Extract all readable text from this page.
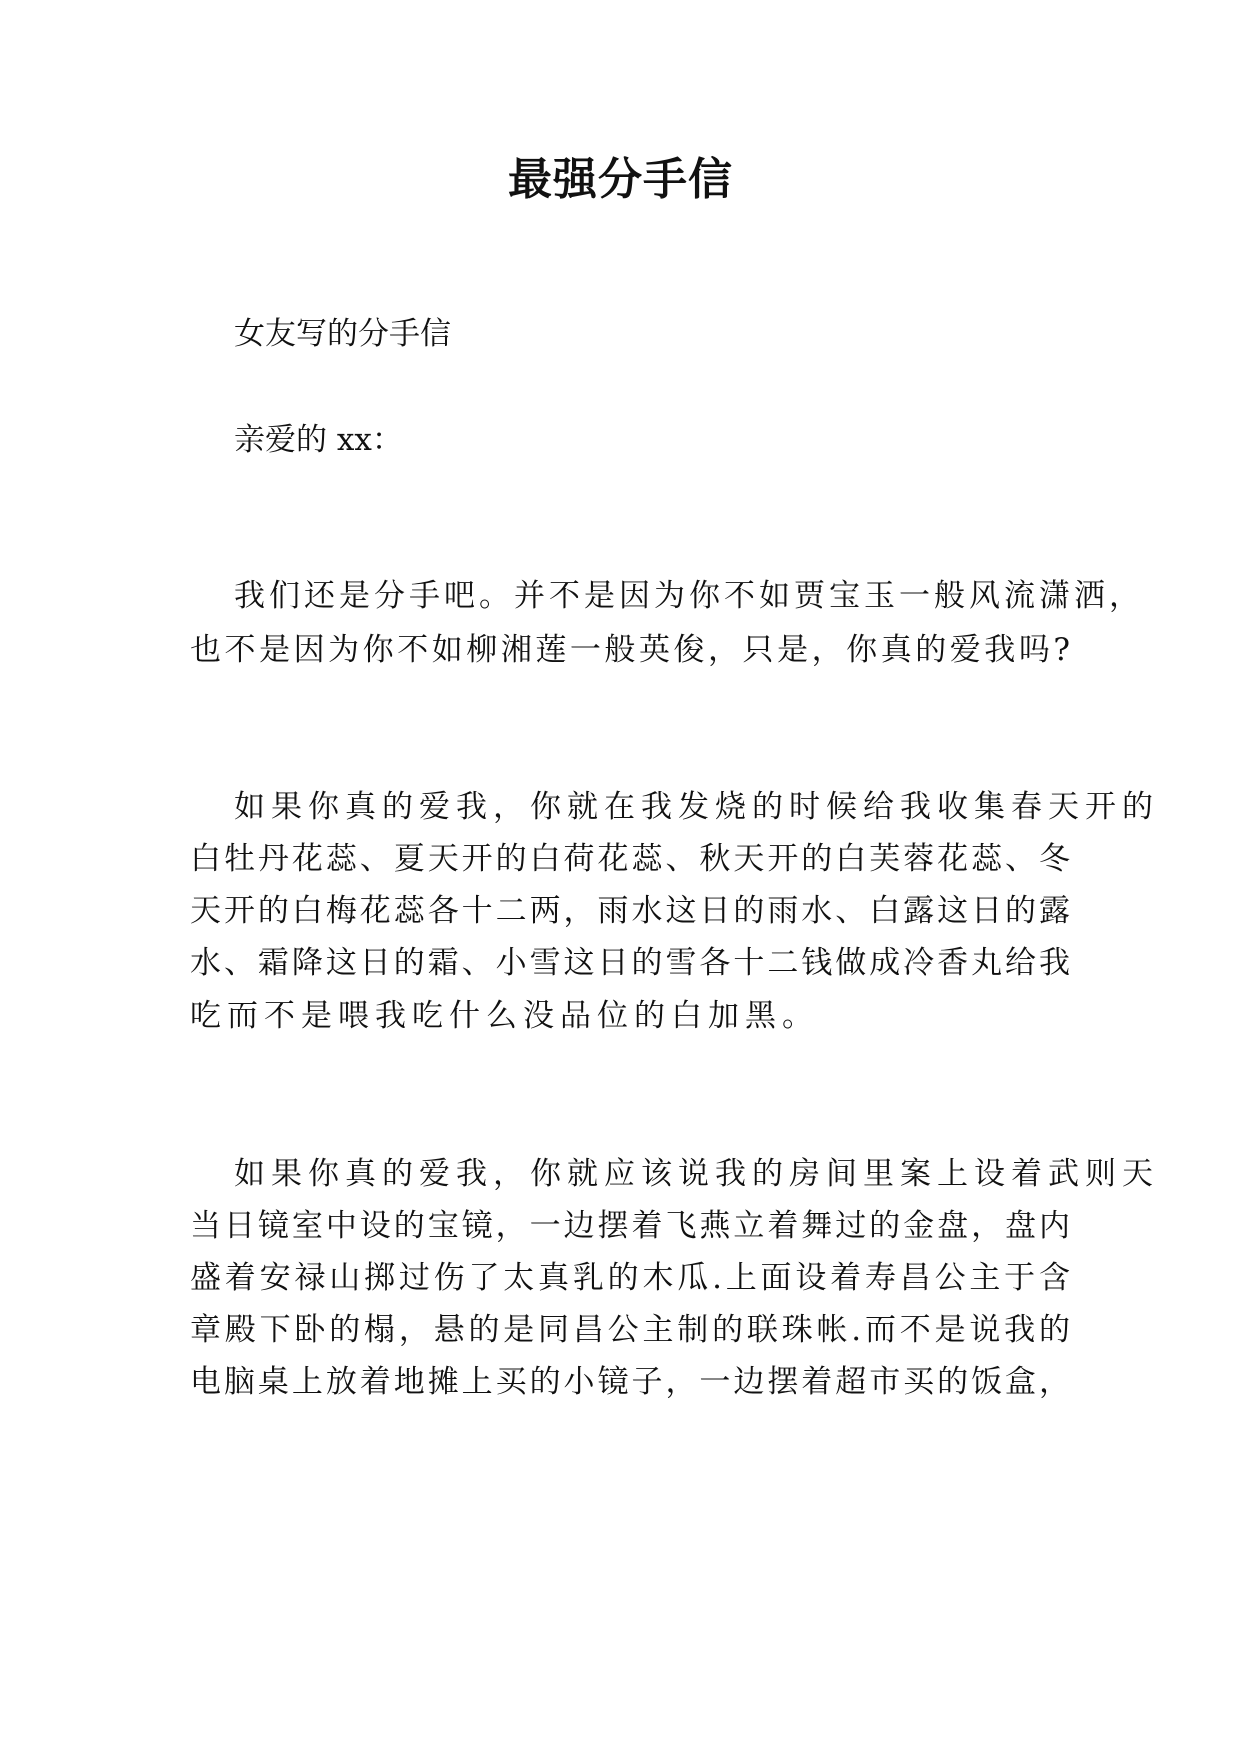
最强分手信

女友写的分手信

亲爱的 xx：

我们还是分手吧。并不是因为你不如贾宝玉一般风流潇洒，

也不是因为你不如柳湘莲一般英俊，只是，你真的爱我吗?

如果你真的爱我，你就在我发烧的时候给我收集春天开的

白牡丹花蕊、夏天开的白荷花蕊、秋天开的白芙蓉花蕊、冬

天开的白梅花蕊各十二两，雨水这日的雨水、白露这日的露

水、霜降这日的霜、小雪这日的雪各十二钱做成冷香丸给我

吃而不是喂我吃什么没品位的白加黑。

如果你真的爱我，你就应该说我的房间里案上设着武则天

当日镜室中设的宝镜，一边摆着飞燕立着舞过的金盘，盘内

盛着安禄山掷过伤了太真乳的木瓜.上面设着寿昌公主于含

章殿下卧的榻，悬的是同昌公主制的联珠帐.而不是说我的

电脑桌上放着地摊上买的小镜子，一边摆着超市买的饭盒，
